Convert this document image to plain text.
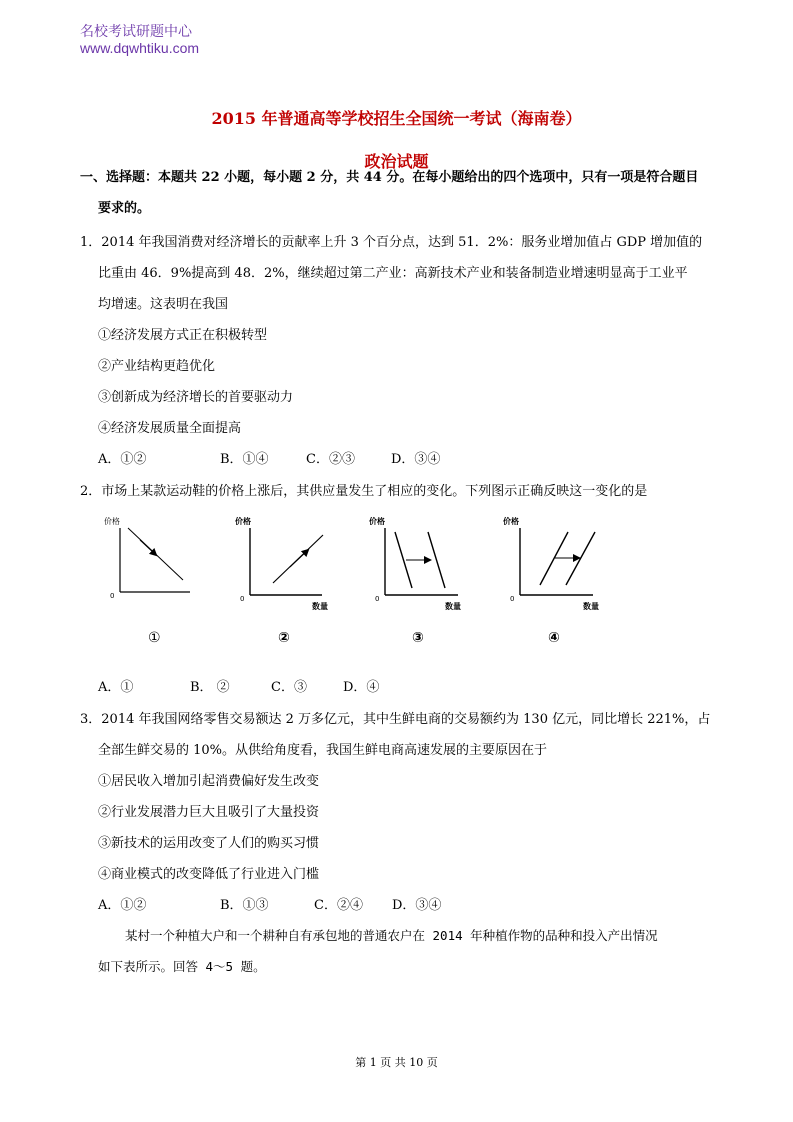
名校考试研题中心
www.dqwhtiku.com
2015 年普通高等学校招生全国统一考试（海南卷）
政治试题
一、选择题：本题共 22 小题，每小题 2 分，共 44 分。在每小题给出的四个选项中，只有一项是符合题目
要求的。
1．2014 年我国消费对经济增长的贡献率上升 3 个百分点，达到 51．2%：服务业增加值占 GDP 增加值的
比重由 46．9%提高到 48．2%，继续超过第二产业：高新技术产业和装备制造业增速明显高于工业平
均增速。这表明在我国
①经济发展方式正在积极转型
②产业结构更趋优化
③创新成为经济增长的首要驱动力
④经济发展质量全面提高
A．①②	B．①④	C．②③	D．③④
2．市场上某款运动鞋的价格上涨后，其供应量发生了相应的变化。下列图示正确反映这一变化的是
价格
0
①
价格
0
数量
②
价格
0
数量
③
价格
0
数量
④
A．①	B． ②	C．③	D．④
3．2014 年我国网络零售交易额达 2 万多亿元，其中生鲜电商的交易额约为 130 亿元，同比增长 221%，占
全部生鲜交易的 10%。从供给角度看，我国生鲜电商高速发展的主要原因在于
①居民收入增加引起消费偏好发生改变
②行业发展潜力巨大且吸引了大量投资
③新技术的运用改变了人们的购买习惯
④商业模式的改变降低了行业进入门槛
A．①②	B．①③	C．②④ D．③④
某村一个种植大户和一个耕种自有承包地的普通农户在 2014 年种植作物的品种和投入产出情况
如下表所示。回答 4～5 题。
第 1 页 共 10 页
